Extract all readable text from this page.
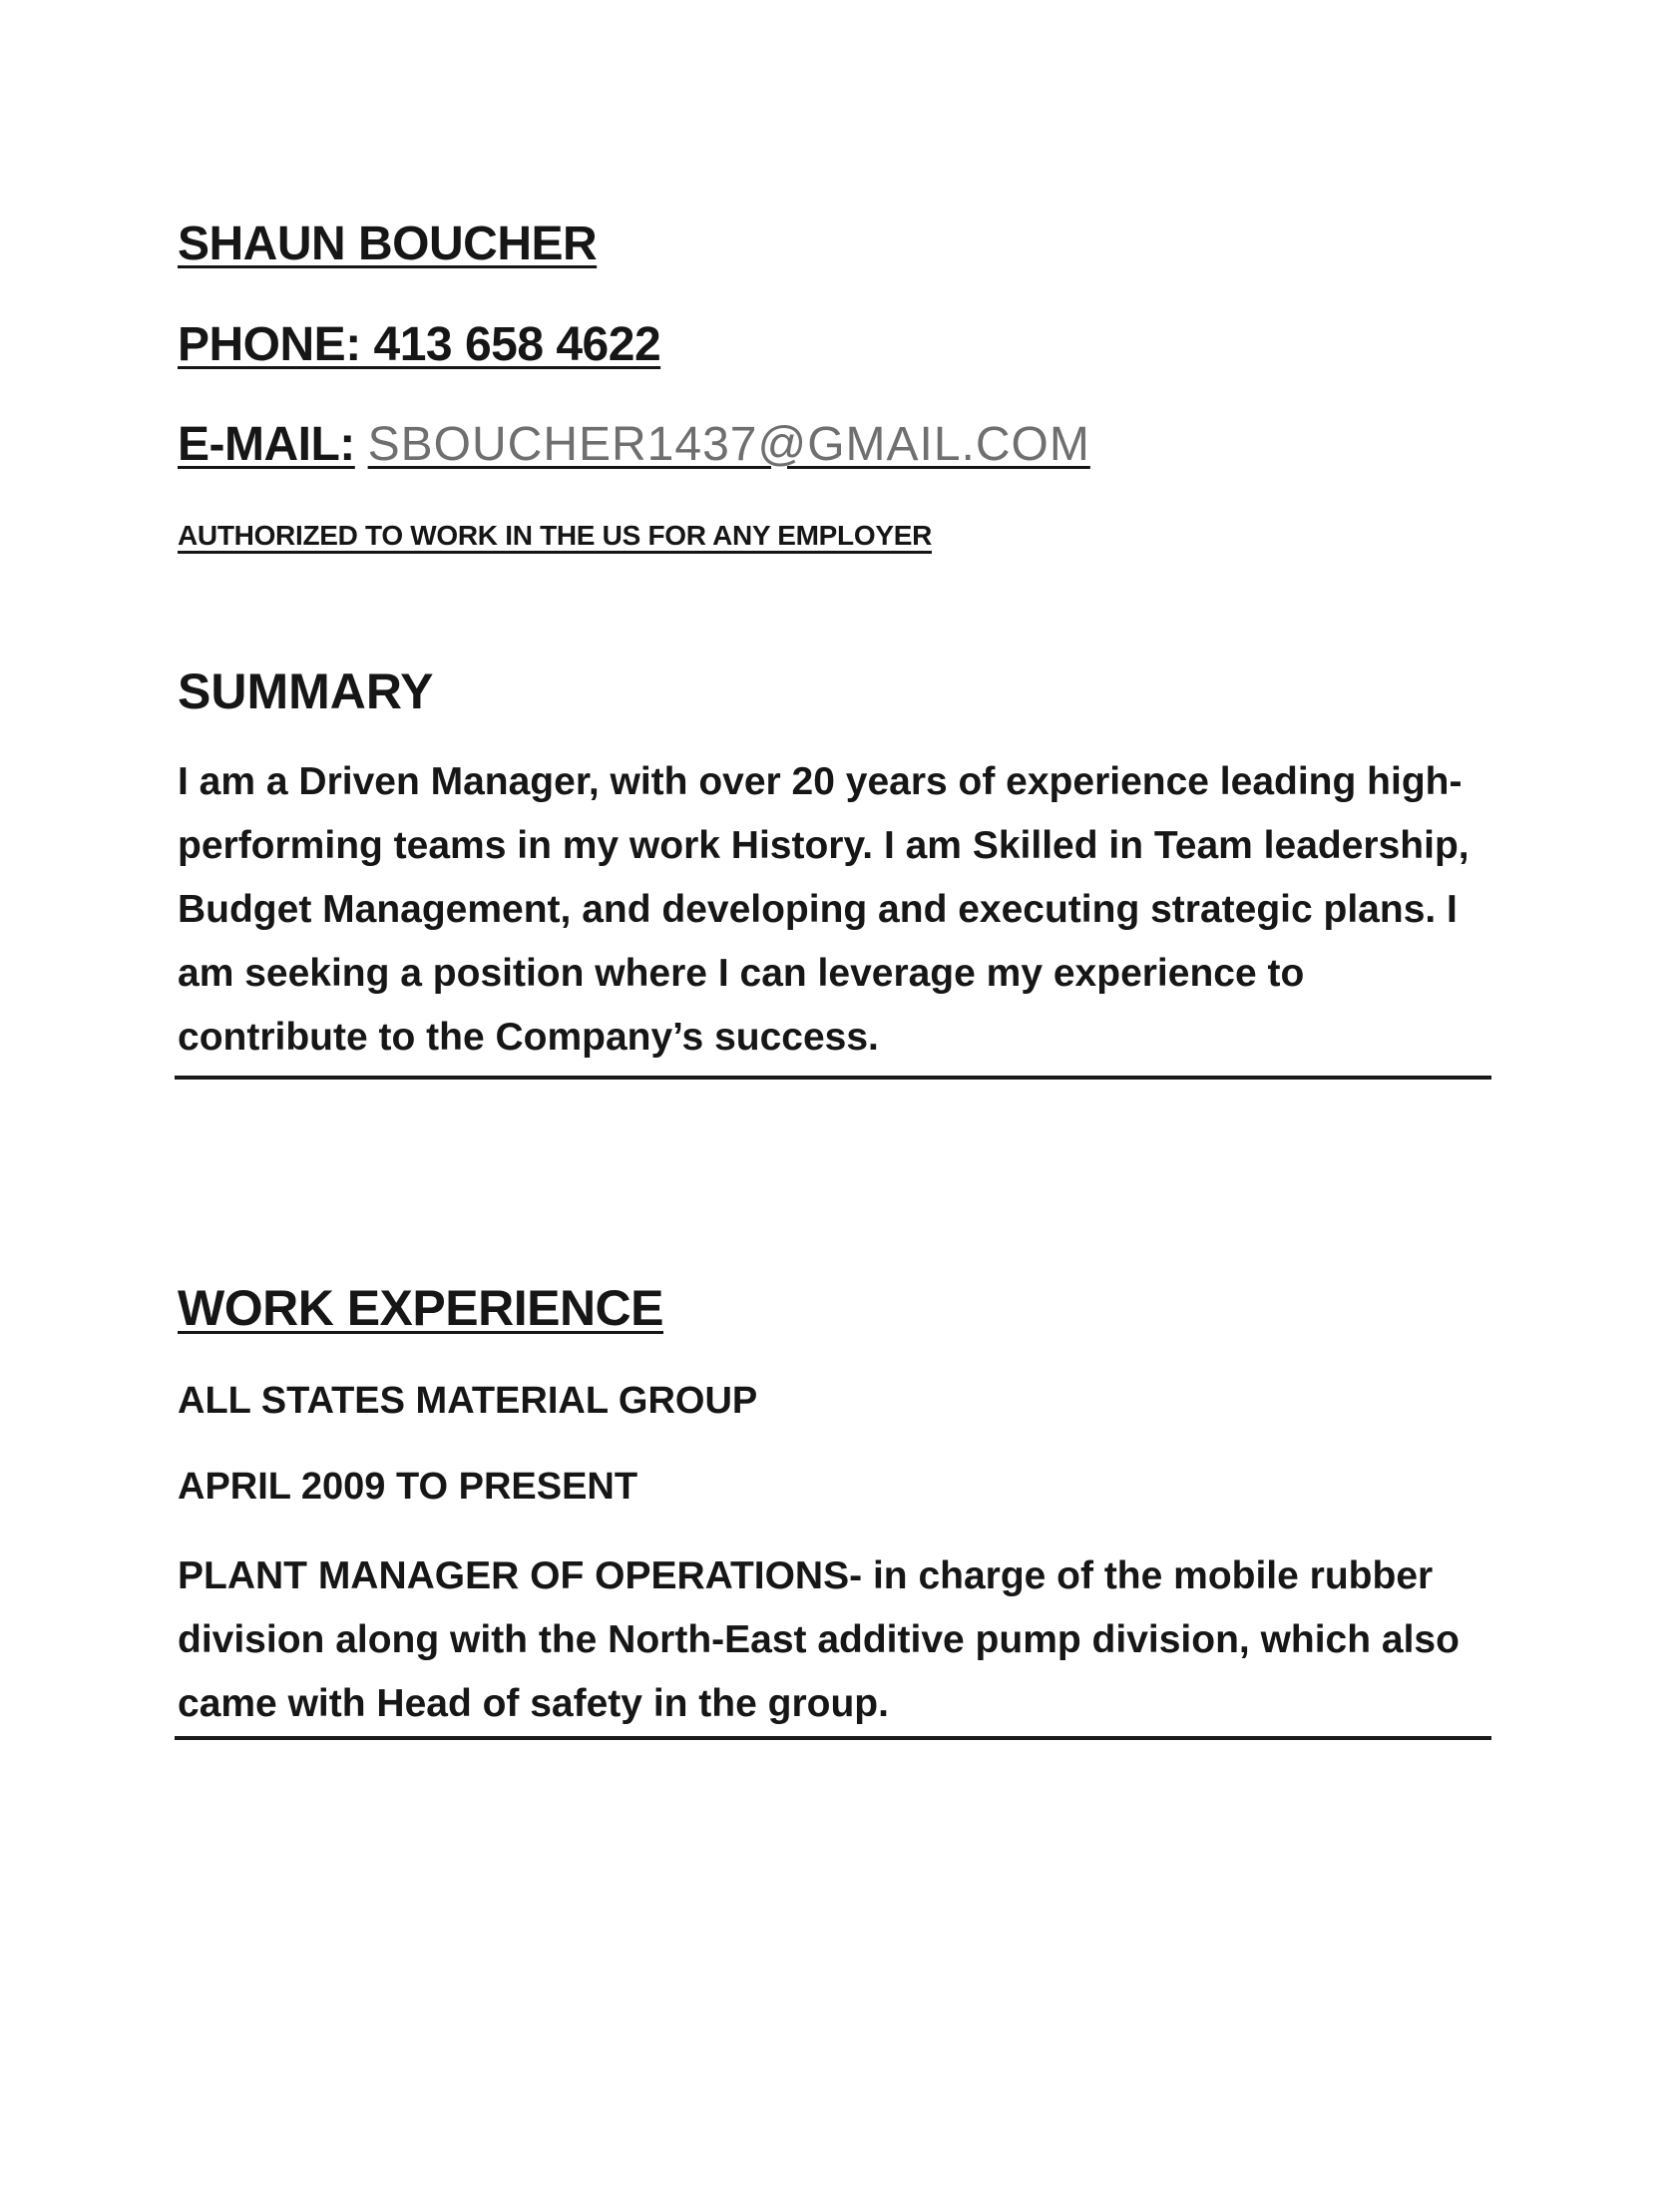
SHAUN BOUCHER
PHONE: 413 658 4622
E-MAIL: SBOUCHER1437@GMAIL.COM
AUTHORIZED TO WORK IN THE US FOR ANY EMPLOYER
SUMMARY
I am a Driven Manager, with over 20 years of experience leading high-performing teams in my work History. I am Skilled in Team leadership, Budget Management, and developing and executing strategic plans. I am seeking a position where I can leverage my experience to contribute to the Company’s success.
WORK EXPERIENCE
ALL STATES MATERIAL GROUP
APRIL 2009 TO PRESENT
PLANT MANAGER OF OPERATIONS- in charge of the mobile rubber division along with the North-East additive pump division, which also came with Head of safety in the group.
